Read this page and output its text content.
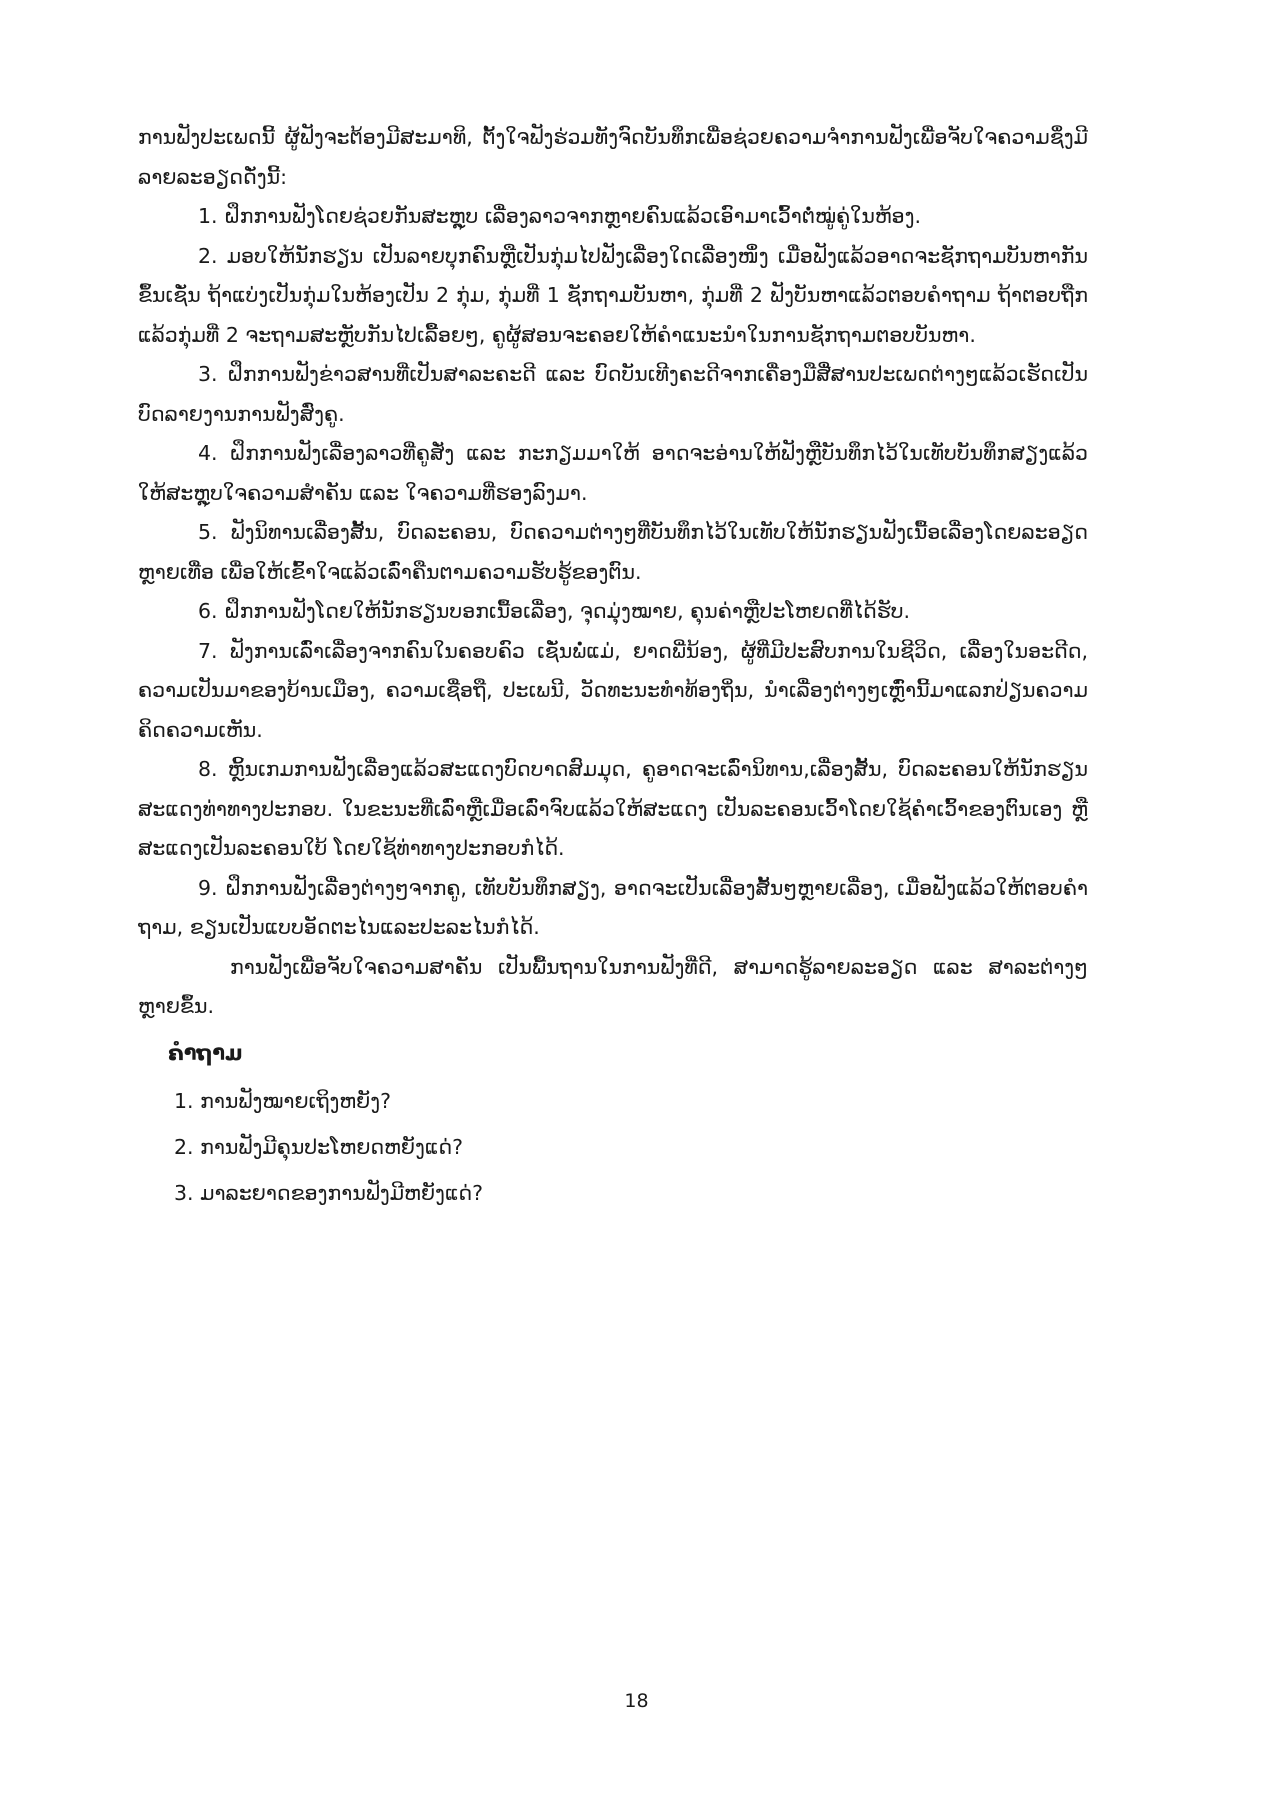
ການຟັງປະເພດນີ້ ຜູ້ຟັງຈະຕ້ອງມີສະມາທິ, ຕັ້ງໃຈຟັງຮ່ວມທັງຈົດບັນທຶກເພື່ອຊ່ວຍຄວາມຈຳການຟັງເພື່ອຈັບໃຈຄວາມຊຶ່ງມີລາຍລະອຽດດັ່ງນີ້:

1. ຝຶກການຟັງໂດຍຊ່ວຍກັນສະຫຼຸບ ເລື່ອງລາວຈາກຫຼາຍຄົນແລ້ວເອົາມາເວົ້າຕໍ່ໝູ່ຄູ່ໃນຫ້ອງ.

2. ມອບໃຫ້ນັກຮຽນ ເປັນລາຍບຸກຄົນຫຼືເປັນກຸ່ມໄປຟັງເລື່ອງໃດເລື່ອງໜຶ່ງ ເມື່ອຟັງແລ້ວອາດຈະຊັກຖາມບັນຫາກັນຂຶ້ນເຊັ່ນ ຖ້າແບ່ງເປັນກຸ່ມໃນຫ້ອງເປັນ 2 ກຸ່ມ, ກຸ່ມທີ່ 1 ຊັກຖາມບັນຫາ, ກຸ່ມທີ່ 2 ຟັງບັນຫາແລ້ວຕອບຄຳຖາມ ຖ້າຕອບຖືກແລ້ວກຸ່ມທີ່ 2 ຈະຖາມສະຫຼັບກັນໄປເລື້ອຍໆ, ຄູຜູ້ສອນຈະຄອຍໃຫ້ຄຳແນະນຳໃນການຊັກຖາມຕອບບັນຫາ.

3. ຝຶກການຟັງຂ່າວສານທີ່ເປັນສາລະຄະດີ ແລະ ບົດບັນເທີງຄະດີຈາກເຄື່ອງມືສື່ສານປະເພດຕ່າງໆແລ້ວເຮັດເປັນບົດລາຍງານການຟັງສົ່ງຄູ.

4. ຝຶກການຟັງເລື່ອງລາວທີ່ຄູສັ່ງ ແລະ ກະກຽມມາໃຫ້ ອາດຈະອ່ານໃຫ້ຟັງຫຼືບັນທຶກໄວ້ໃນເທັບບັນທຶກສຽງແລ້ວໃຫ້ສະຫຼຸບໃຈຄວາມສຳຄັນ ແລະ ໃຈຄວາມທີ່ຮອງລົງມາ.

5. ຟັງນິທານເລື່ອງສັ້ນ, ບົດລະຄອນ, ບົດຄວາມຕ່າງໆທີ່ບັນທຶກໄວ້ໃນເທັບໃຫ້ນັກຮຽນຟັງເນື້ອເລື່ອງໂດຍລະອຽດຫຼາຍເທື່ອ ເພື່ອໃຫ້ເຂົ້າໃຈແລ້ວເລົ່າຄືນຕາມຄວາມຮັບຮູ້ຂອງຕົນ.

6. ຝຶກການຟັງໂດຍໃຫ້ນັກຮຽນບອກເນື້ອເລື່ອງ, ຈຸດມຸ່ງໝາຍ, ຄຸນຄ່າຫຼືປະໂຫຍດທີ່ໄດ້ຮັບ.

7. ຟັງການເລົ່າເລື່ອງຈາກຄົນໃນຄອບຄົວ ເຊັ່ນພໍ່ແມ່, ຍາດພີ່ນ້ອງ, ຜູ້ທີ່ມີປະສົບການໃນຊີວິດ, ເລື່ອງໃນອະດີດ, ຄວາມເປັນມາຂອງບ້ານເມືອງ, ຄວາມເຊື່ອຖື, ປະເພນີ, ວັດທະນະທຳທ້ອງຖິ່ນ, ນຳເລື່ອງຕ່າງໆເຫຼົ່ານີ້ມາແລກປ່ຽນຄວາມຄິດຄວາມເຫັນ.

8. ຫຼິ້ນເກມການຟັງເລື່ອງແລ້ວສະແດງບົດບາດສົມມຸດ, ຄູອາດຈະເລົ່ານິທານ,ເລື່ອງສັ້ນ, ບົດລະຄອນໃຫ້ນັກຮຽນສະແດງທ່າທາງປະກອບ. ໃນຂະນະທີ່ເລົ່າຫຼືເມື່ອເລົ່າຈົບແລ້ວໃຫ້ສະແດງ ເປັນລະຄອນເວົ້າໂດຍໃຊ້ຄຳເວົ້າຂອງຕົນເອງ ຫຼືສະແດງເປັນລະຄອນໃບ້ ໂດຍໃຊ້ທ່າທາງປະກອບກໍໄດ້.

9. ຝຶກການຟັງເລື່ອງຕ່າງໆຈາກຄູ, ເທັບບັນທຶກສຽງ, ອາດຈະເປັນເລື່ອງສັ້ນໆຫຼາຍເລື່ອງ, ເມື່ອຟັງແລ້ວໃຫ້ຕອບຄຳຖາມ, ຂຽນເປັນແບບອັດຕະໄນແລະປະລະໄນກໍໄດ້.

ການຟັງເພື່ອຈັບໃຈຄວາມສາຄັນ ເປັນພື້ນຖານໃນການຟັງທີ່ດີ, ສາມາດຮູ້ລາຍລະອຽດ ແລະ ສາລະຕ່າງໆຫຼາຍຂຶ້ນ.

ຄຳຖາມ
1. ການຟັງໝາຍເຖິງຫຍັງ?
2. ການຟັງມີຄຸນປະໂຫຍດຫຍັງແດ່?
3. ມາລະຍາດຂອງການຟັງມີຫຍັງແດ່?
18
